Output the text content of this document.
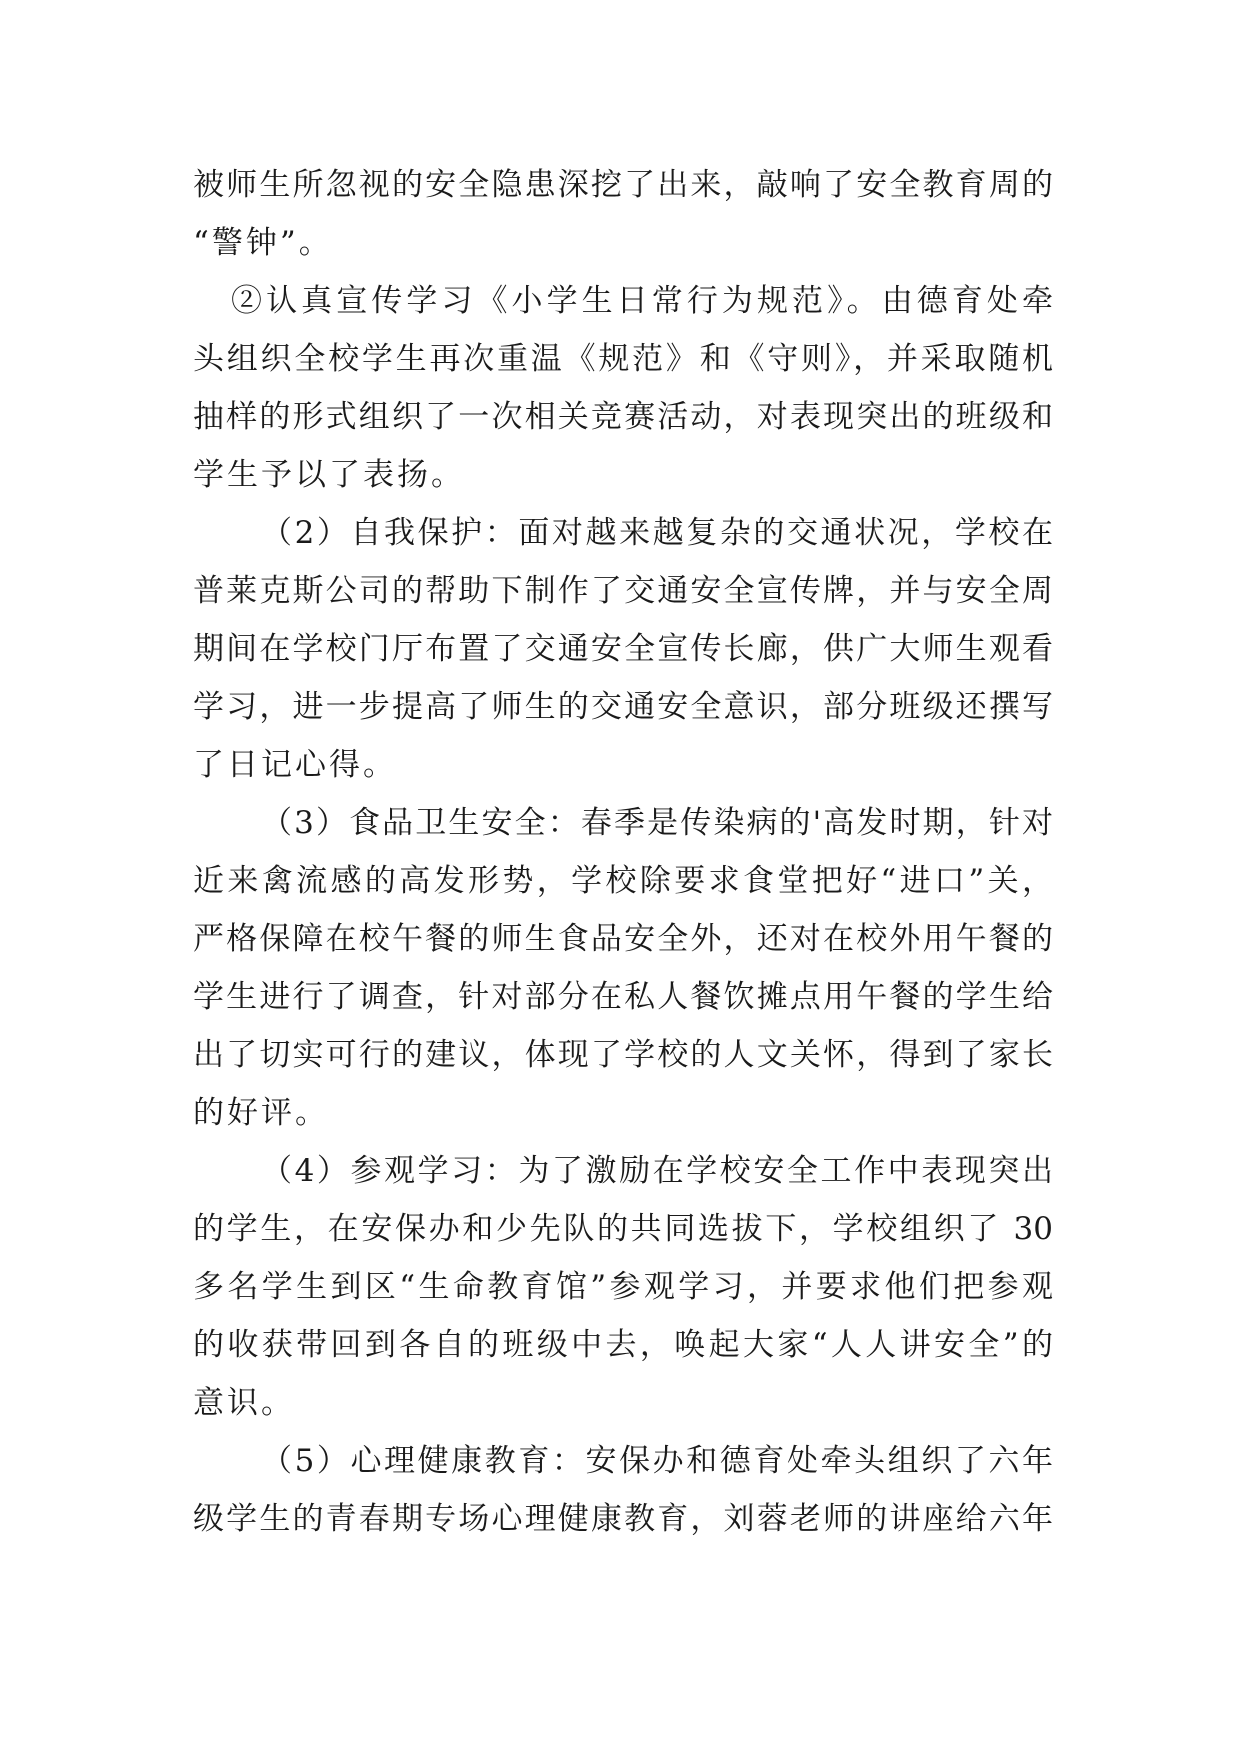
被师生所忽视的安全隐患深挖了出来，敲响了安全教育周的
“警钟”。
②认真宣传学习《小学生日常行为规范》。由德育处牵
头组织全校学生再次重温《规范》和《守则》，并采取随机
抽样的形式组织了一次相关竞赛活动，对表现突出的班级和
学生予以了表扬。
（2）自我保护：面对越来越复杂的交通状况，学校在
普莱克斯公司的帮助下制作了交通安全宣传牌，并与安全周
期间在学校门厅布置了交通安全宣传长廊，供广大师生观看
学习，进一步提高了师生的交通安全意识，部分班级还撰写
了日记心得。
（3）食品卫生安全：春季是传染病的'高发时期，针对
近来禽流感的高发形势，学校除要求食堂把好“进口”关，
严格保障在校午餐的师生食品安全外，还对在校外用午餐的
学生进行了调查，针对部分在私人餐饮摊点用午餐的学生给
出了切实可行的建议，体现了学校的人文关怀，得到了家长
的好评。
（4）参观学习：为了激励在学校安全工作中表现突出
的学生，在安保办和少先队的共同选拔下，学校组织了 30
多名学生到区“生命教育馆”参观学习，并要求他们把参观
的收获带回到各自的班级中去，唤起大家“人人讲安全”的
意识。
（5）心理健康教育：安保办和德育处牵头组织了六年
级学生的青春期专场心理健康教育，刘蓉老师的讲座给六年
